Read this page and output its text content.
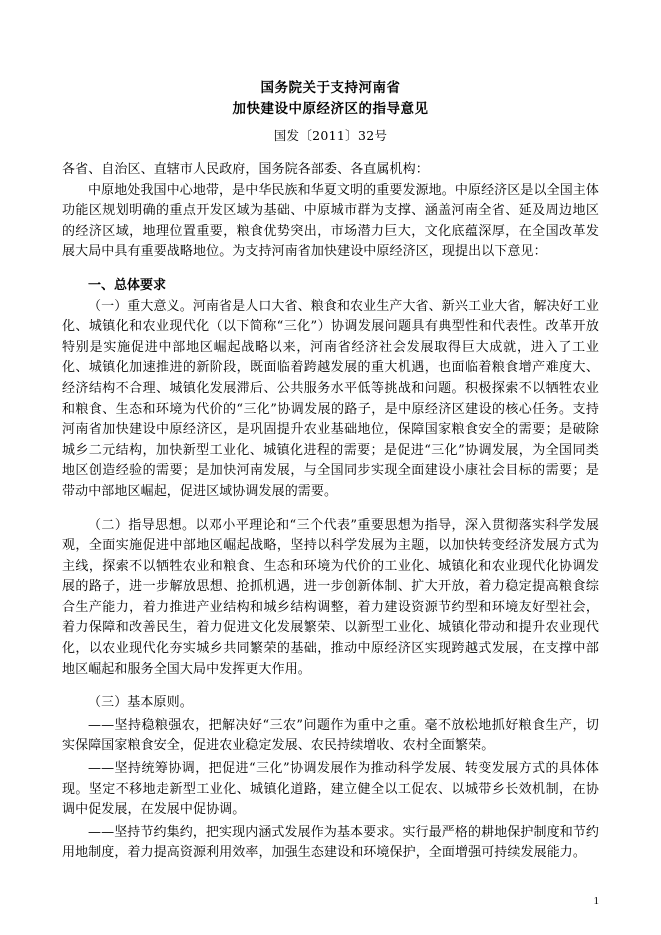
国务院关于支持河南省
加快建设中原经济区的指导意见
国发〔2011〕32号

各省、自治区、直辖市人民政府，国务院各部委、各直属机构：

中原地处我国中心地带，是中华民族和华夏文明的重要发源地。中原经济区是以全国主体功能区规划明确的重点开发区域为基础、中原城市群为支撑、涵盖河南全省、延及周边地区的经济区域，地理位置重要，粮食优势突出，市场潜力巨大，文化底蕴深厚，在全国改革发展大局中具有重要战略地位。为支持河南省加快建设中原经济区，现提出以下意见：

一、总体要求

（一）重大意义。河南省是人口大省、粮食和农业生产大省、新兴工业大省，解决好工业化、城镇化和农业现代化（以下简称“三化”）协调发展问题具有典型性和代表性。改革开放特别是实施促进中部地区崛起战略以来，河南省经济社会发展取得巨大成就，进入了工业化、城镇化加速推进的新阶段，既面临着跨越发展的重大机遇，也面临着粮食增产难度大、经济结构不合理、城镇化发展滞后、公共服务水平低等挑战和问题。积极探索不以牺牲农业和粮食、生态和环境为代价的“三化”协调发展的路子，是中原经济区建设的核心任务。支持河南省加快建设中原经济区，是巩固提升农业基础地位，保障国家粮食安全的需要；是破除城乡二元结构，加快新型工业化、城镇化进程的需要；是促进“三化”协调发展，为全国同类地区创造经验的需要；是加快河南发展，与全国同步实现全面建设小康社会目标的需要；是带动中部地区崛起，促进区域协调发展的需要。

（二）指导思想。以邓小平理论和“三个代表”重要思想为指导，深入贯彻落实科学发展观，全面实施促进中部地区崛起战略，坚持以科学发展为主题，以加快转变经济发展方式为主线，探索不以牺牲农业和粮食、生态和环境为代价的工业化、城镇化和农业现代化协调发展的路子，进一步解放思想、抢抓机遇，进一步创新体制、扩大开放，着力稳定提高粮食综合生产能力，着力推进产业结构和城乡结构调整，着力建设资源节约型和环境友好型社会，着力保障和改善民生，着力促进文化发展繁荣、以新型工业化、城镇化带动和提升农业现代化，以农业现代化夯实城乡共同繁荣的基础，推动中原经济区实现跨越式发展，在支撑中部地区崛起和服务全国大局中发挥更大作用。

（三）基本原则。

——坚持稳粮强农，把解决好“三农”问题作为重中之重。毫不放松地抓好粮食生产，切实保障国家粮食安全，促进农业稳定发展、农民持续增收、农村全面繁荣。

——坚持统筹协调，把促进“三化”协调发展作为推动科学发展、转变发展方式的具体体现。坚定不移地走新型工业化、城镇化道路，建立健全以工促农、以城带乡长效机制，在协调中促发展，在发展中促协调。

——坚持节约集约，把实现内涵式发展作为基本要求。实行最严格的耕地保护制度和节约用地制度，着力提高资源利用效率，加强生态建设和环境保护，全面增强可持续发展能力。

1
